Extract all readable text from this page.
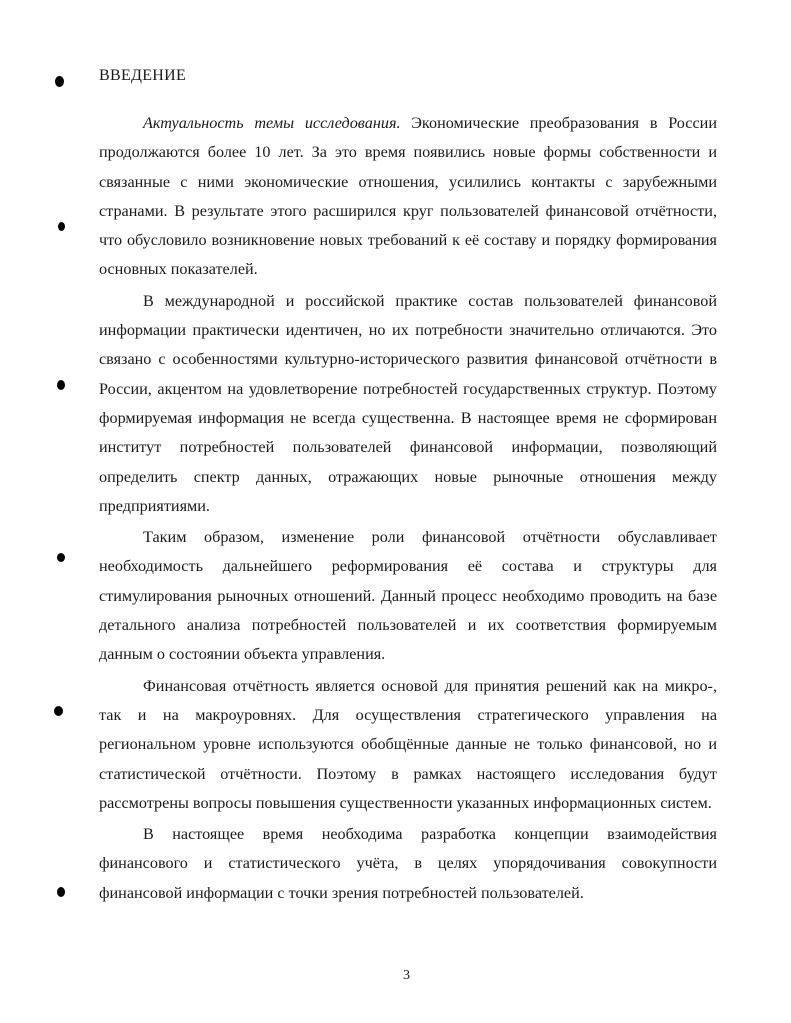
ВВЕДЕНИЕ

Актуальность темы исследования. Экономические преобразования в России продолжаются более 10 лет. За это время появились новые формы собственности и связанные с ними экономические отношения, усилились контакты с зарубежными странами. В результате этого расширился круг пользователей финансовой отчётности, что обусловило возникновение новых требований к её составу и порядку формирования основных показателей.

В международной и российской практике состав пользователей финансовой информации практически идентичен, но их потребности значительно отличаются. Это связано с особенностями культурно-исторического развития финансовой отчётности в России, акцентом на удовлетворение потребностей государственных структур. Поэтому формируемая информация не всегда существенна. В настоящее время не сформирован институт потребностей пользователей финансовой информации, позволяющий определить спектр данных, отражающих новые рыночные отношения между предприятиями.

Таким образом, изменение роли финансовой отчётности обуславливает необходимость дальнейшего реформирования её состава и структуры для стимулирования рыночных отношений. Данный процесс необходимо проводить на базе детального анализа потребностей пользователей и их соответствия формируемым данным о состоянии объекта управления.

Финансовая отчётность является основой для принятия решений как на микро-, так и на макроуровнях. Для осуществления стратегического управления на региональном уровне используются обобщённые данные не только финансовой, но и статистической отчётности. Поэтому в рамках настоящего исследования будут рассмотрены вопросы повышения существенности указанных информационных систем.

В настоящее время необходима разработка концепции взаимодействия финансового и статистического учёта, в целях упорядочивания совокупности финансовой информации с точки зрения потребностей пользователей.

3
